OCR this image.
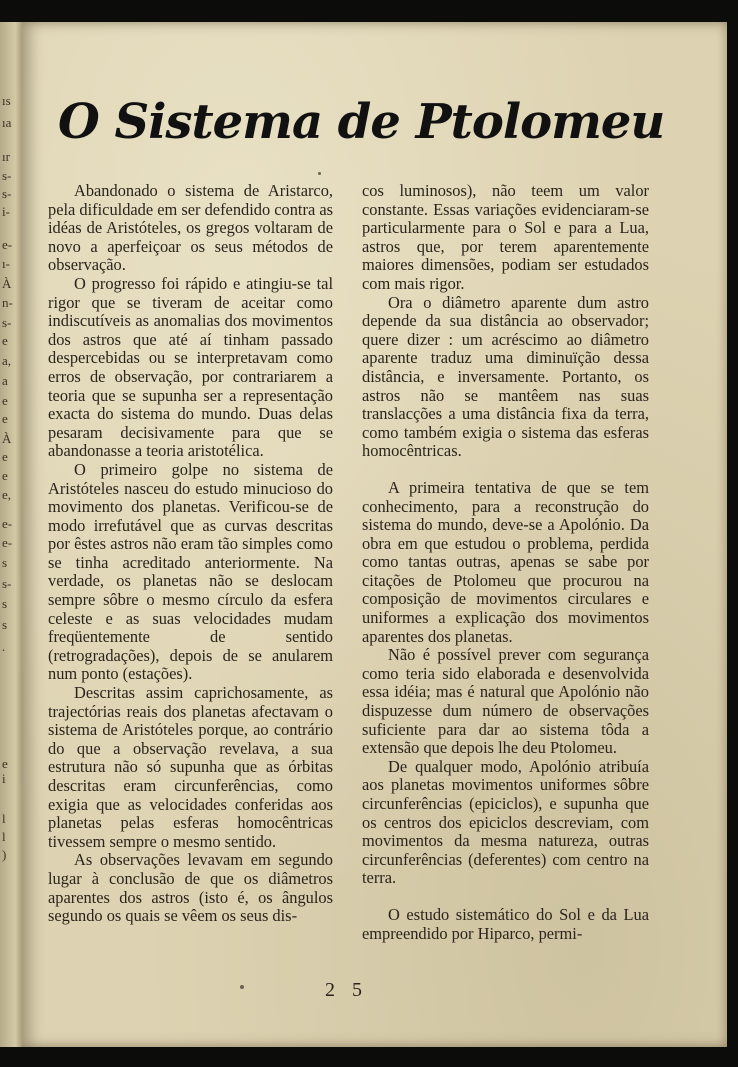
ıs
ıa
ır
s-
s-
i-
e-
ı-
À
n-
s-
e
a,
a
e
e
À
e
e
e,
e-
e-
s
s-
s
s
.
e
i
l
l
)
O Sistema de Ptolomeu

Abandonado o sistema de Aristarco, pela dificuldade em ser defendido contra as idéas de Aristóteles, os gregos voltaram de novo a aperfeiçoar os seus métodos de observação.

O progresso foi rápido e atingiu-se tal rigor que se tiveram de aceitar como indiscutíveis as anomalias dos movimentos dos astros que até aí tinham passado despercebidas ou se interpretavam como erros de observação, por contrariarem a teoria que se supunha ser a representação exacta do sistema do mundo. Duas delas pesaram decisivamente para que se abandonasse a teoria aristotélica.

O primeiro golpe no sistema de Aristóteles nasceu do estudo minucioso do movimento dos planetas. Verificou-se de modo irrefutável que as curvas descritas por êstes astros não eram tão simples como se tinha acreditado anteriormente. Na verdade, os planetas não se deslocam sempre sôbre o mesmo círculo da esfera celeste e as suas velocidades mudam freqüentemente de sentido (retrogradações), depois de se anularem num ponto (estações).

Descritas assim caprichosamente, as trajectórias reais dos planetas afectavam o sistema de Aristóteles porque, ao contrário do que a observação revelava, a sua estrutura não só supunha que as órbitas descritas eram circunferências, como exigia que as velocidades conferidas aos planetas pelas esferas homocêntricas tivessem sempre o mesmo sentido.

As observações levavam em segundo lugar à conclusão de que os diâmetros aparentes dos astros (isto é, os ângulos segundo os quais se vêem os seus dis-

cos luminosos), não teem um valor constante. Essas variações evidenciaram-se particularmente para o Sol e para a Lua, astros que, por terem aparentemente maiores dimensões, podiam ser estudados com mais rigor.

Ora o diâmetro aparente dum astro depende da sua distância ao observador; quere dizer : um acréscimo ao diâmetro aparente traduz uma diminuïção dessa distância, e inversamente. Portanto, os astros não se mantêem nas suas translacções a uma distância fixa da terra, como também exigia o sistema das esferas homocêntricas.

A primeira tentativa de que se tem conhecimento, para a reconstrução do sistema do mundo, deve-se a Apolónio. Da obra em que estudou o problema, perdida como tantas outras, apenas se sabe por citações de Ptolomeu que procurou na composição de movimentos circulares e uniformes a explicação dos movimentos aparentes dos planetas.

Não é possível prever com segurança como teria sido elaborada e desenvolvida essa idéia; mas é natural que Apolónio não dispuzesse dum número de observações suficiente para dar ao sistema tôda a extensão que depois lhe deu Ptolomeu.

De qualquer modo, Apolónio atribuía aos planetas movimentos uniformes sôbre circunferências (epiciclos), e supunha que os centros dos epiciclos descreviam, com movimentos da mesma natureza, outras circunferências (deferentes) com centro na terra.

O estudo sistemático do Sol e da Lua empreendido por Hiparco, permi-

2 5
